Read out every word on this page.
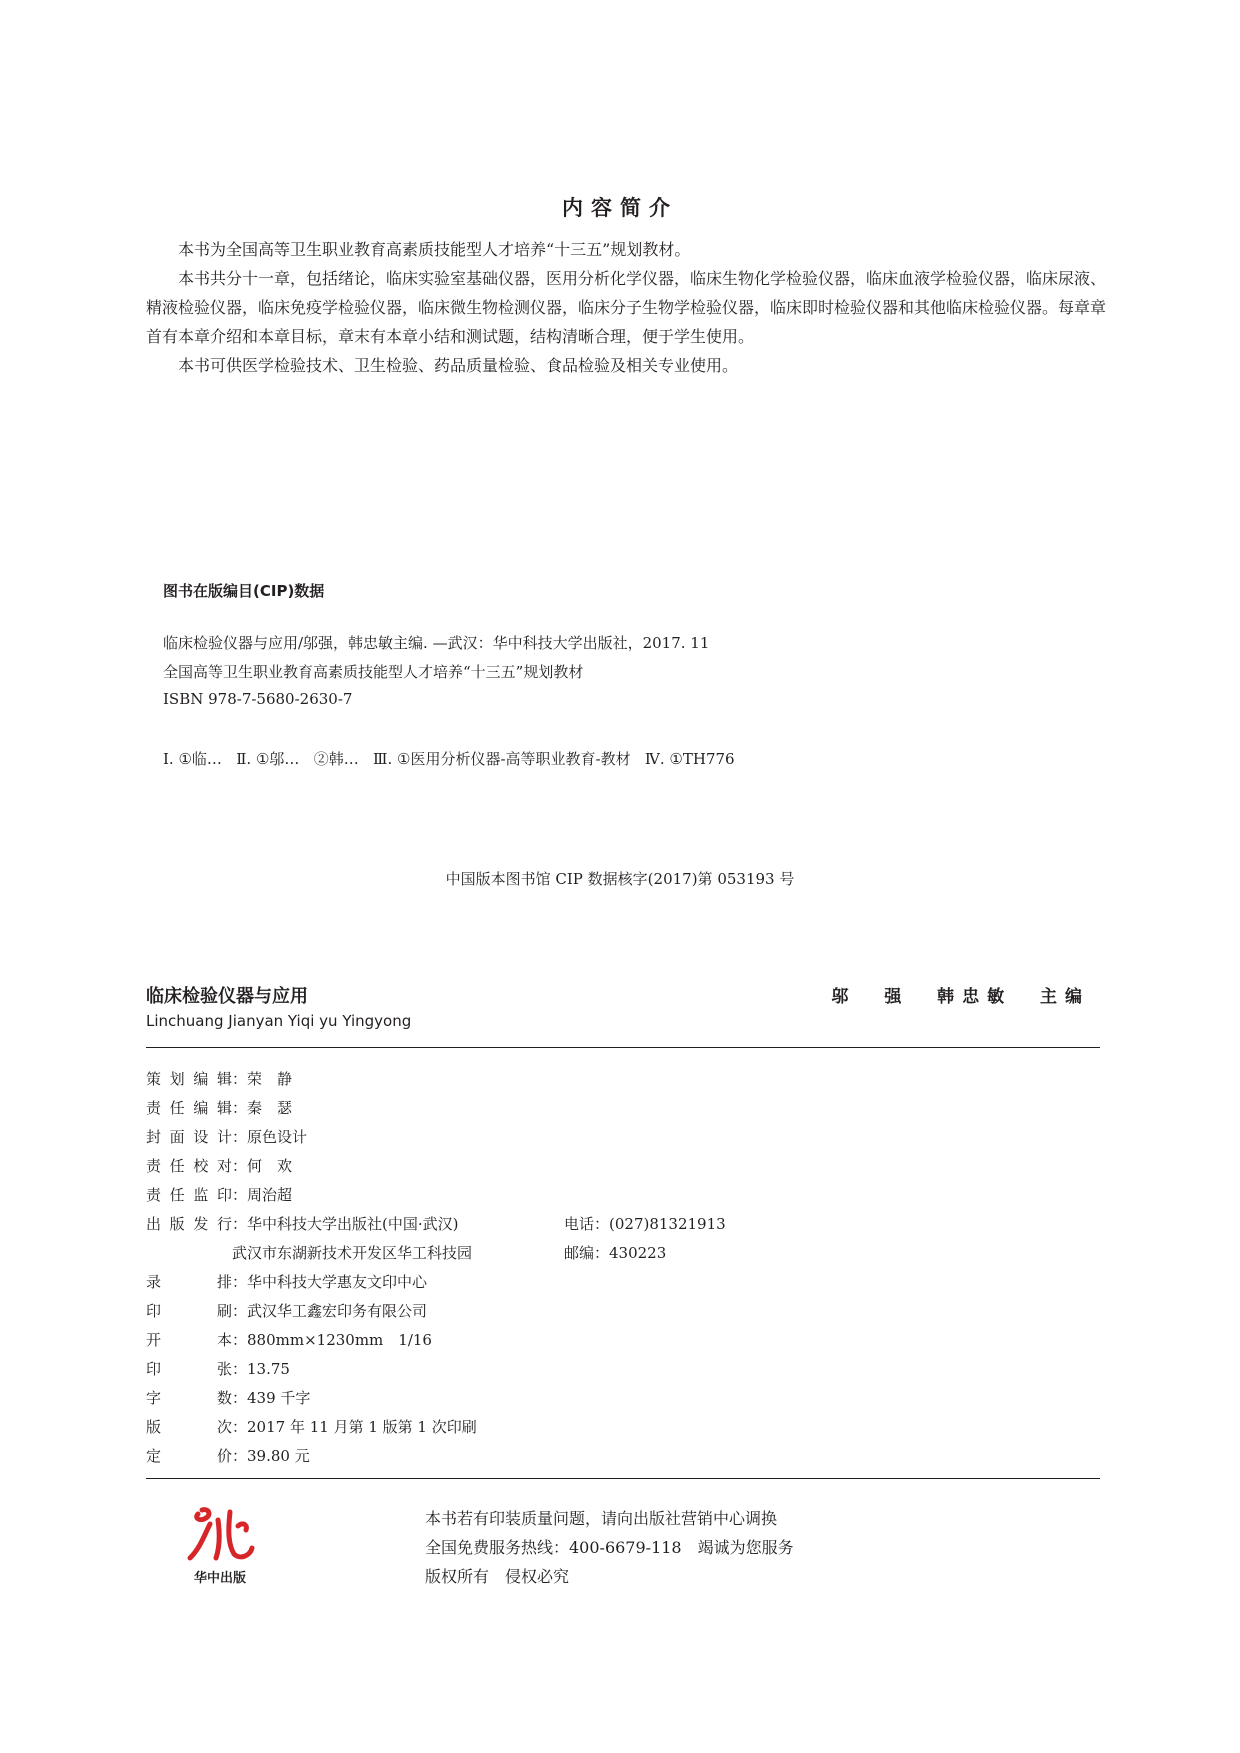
内容简介

本书为全国高等卫生职业教育高素质技能型人才培养“十三五”规划教材。

本书共分十一章，包括绪论，临床实验室基础仪器，医用分析化学仪器，临床生物化学检验仪器，临床血液学检验仪器，临床尿液、精液检验仪器，临床免疫学检验仪器，临床微生物检测仪器，临床分子生物学检验仪器，临床即时检验仪器和其他临床检验仪器。每章章首有本章介绍和本章目标，章末有本章小结和测试题，结构清晰合理，便于学生使用。

本书可供医学检验技术、卫生检验、药品质量检验、食品检验及相关专业使用。

图书在版编目(CIP)数据
临床检验仪器与应用/邬强，韩忠敏主编. —武汉：华中科技大学出版社，2017. 11
全国高等卫生职业教育高素质技能型人才培养“十三五”规划教材
ISBN 978-7-5680-2630-7
Ⅰ. ①临…   Ⅱ. ①邬…   ②韩…   Ⅲ. ①医用分析仪器-高等职业教育-教材   Ⅳ. ①TH776
中国版本图书馆 CIP 数据核字(2017)第 053193 号
临床检验仪器与应用
Linchuang Jianyan Yiqi yu Yingyong
邬  强  韩忠敏  主编
策划编辑：荣　静
责任编辑：秦　瑟
封面设计：原色设计
责任校对：何　欢
责任监印：周治超
出版发行：华中科技大学出版社(中国·武汉)
武汉市东湖新技术开发区华工科技园
录排：华中科技大学惠友文印中心
印刷：武汉华工鑫宏印务有限公司
开本：880mm×1230mm　1/16
印张：13.75
字数：439 千字
版次：2017 年 11 月第 1 版第 1 次印刷
定价：39.80 元
电话：(027)81321913
邮编：430223
华中出版
本书若有印装质量问题，请向出版社营销中心调换
全国免费服务热线：400-6679-118　竭诚为您服务
版权所有　侵权必究
